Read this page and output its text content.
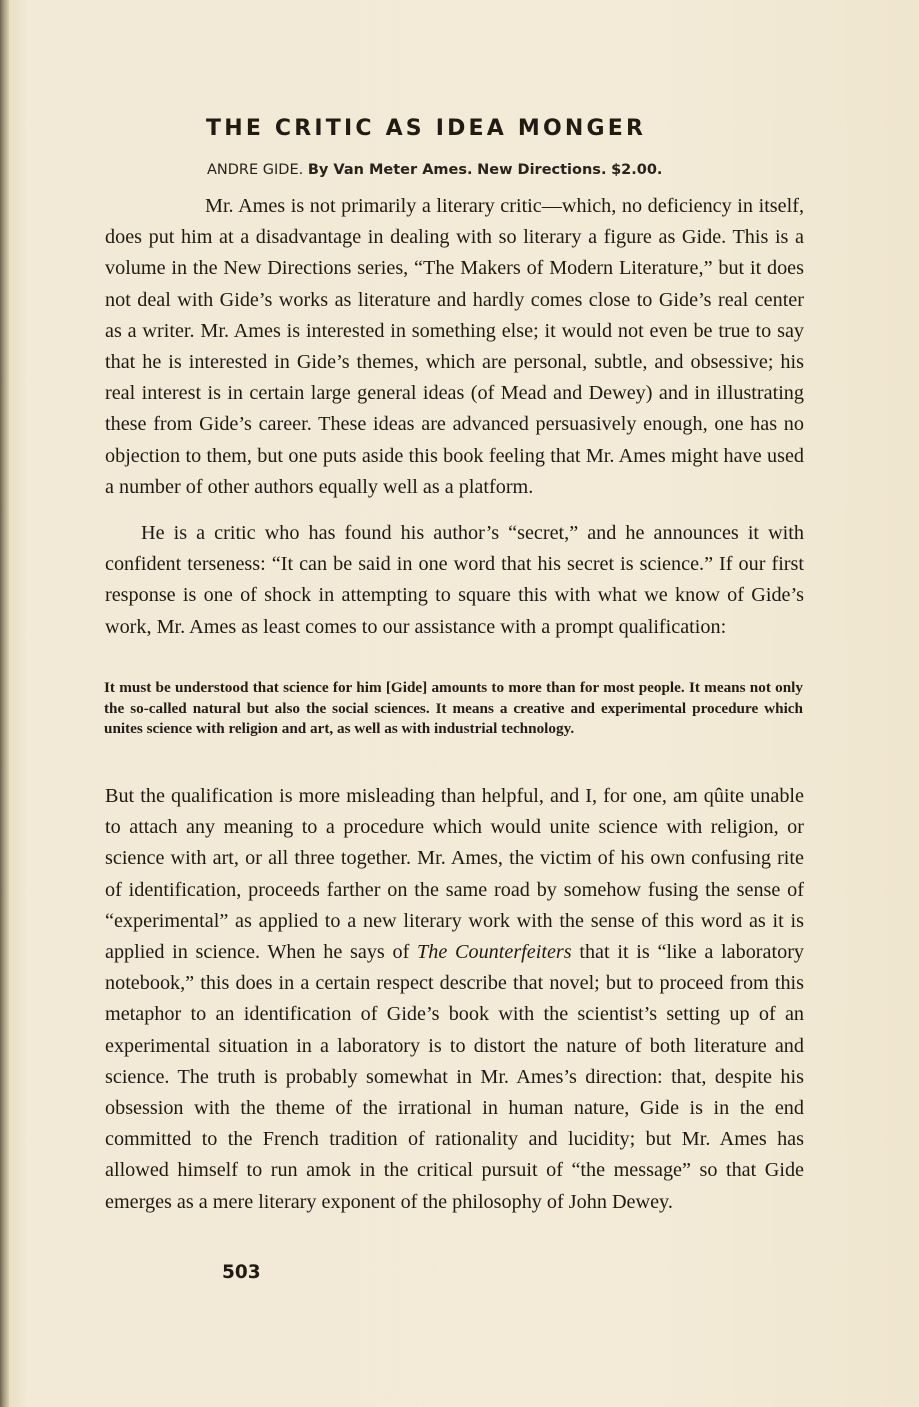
THE CRITIC AS IDEA MONGER

ANDRE GIDE. By Van Meter Ames. New Directions. $2.00.

Mr. Ames is not primarily a literary critic—which, no deficiency in itself, does put him at a disadvantage in dealing with so literary a figure as Gide. This is a volume in the New Directions series, “The Makers of Modern Literature,” but it does not deal with Gide’s works as literature and hardly comes close to Gide’s real center as a writer. Mr. Ames is interested in something else; it would not even be true to say that he is interested in Gide’s themes, which are personal, subtle, and obsessive; his real interest is in certain large general ideas (of Mead and Dewey) and in illustrating these from Gide’s career. These ideas are advanced persuasively enough, one has no objection to them, but one puts aside this book feeling that Mr. Ames might have used a number of other authors equally well as a platform.

He is a critic who has found his author’s “secret,” and he announces it with confident terseness: “It can be said in one word that his secret is science.” If our first response is one of shock in attempting to square this with what we know of Gide’s work, Mr. Ames as least comes to our assistance with a prompt qualification:

It must be understood that science for him [Gide] amounts to more than for most people. It means not only the so-called natural but also the social sciences. It means a creative and experimental procedure which unites science with religion and art, as well as with industrial technology.

But the qualification is more misleading than helpful, and I, for one, am qûite unable to attach any meaning to a procedure which would unite science with religion, or science with art, or all three together. Mr. Ames, the victim of his own confusing rite of identification, proceeds farther on the same road by somehow fusing the sense of “experimental” as applied to a new literary work with the sense of this word as it is applied in science. When he says of The Counterfeiters that it is “like a laboratory notebook,” this does in a certain respect describe that novel; but to proceed from this metaphor to an identification of Gide’s book with the scientist’s setting up of an experimental situation in a laboratory is to distort the nature of both literature and science. The truth is probably somewhat in Mr. Ames’s direction: that, despite his obsession with the theme of the irrational in human nature, Gide is in the end committed to the French tradition of rationality and lucidity; but Mr. Ames has allowed himself to run amok in the critical pursuit of “the message” so that Gide emerges as a mere literary exponent of the philosophy of John Dewey.

503
